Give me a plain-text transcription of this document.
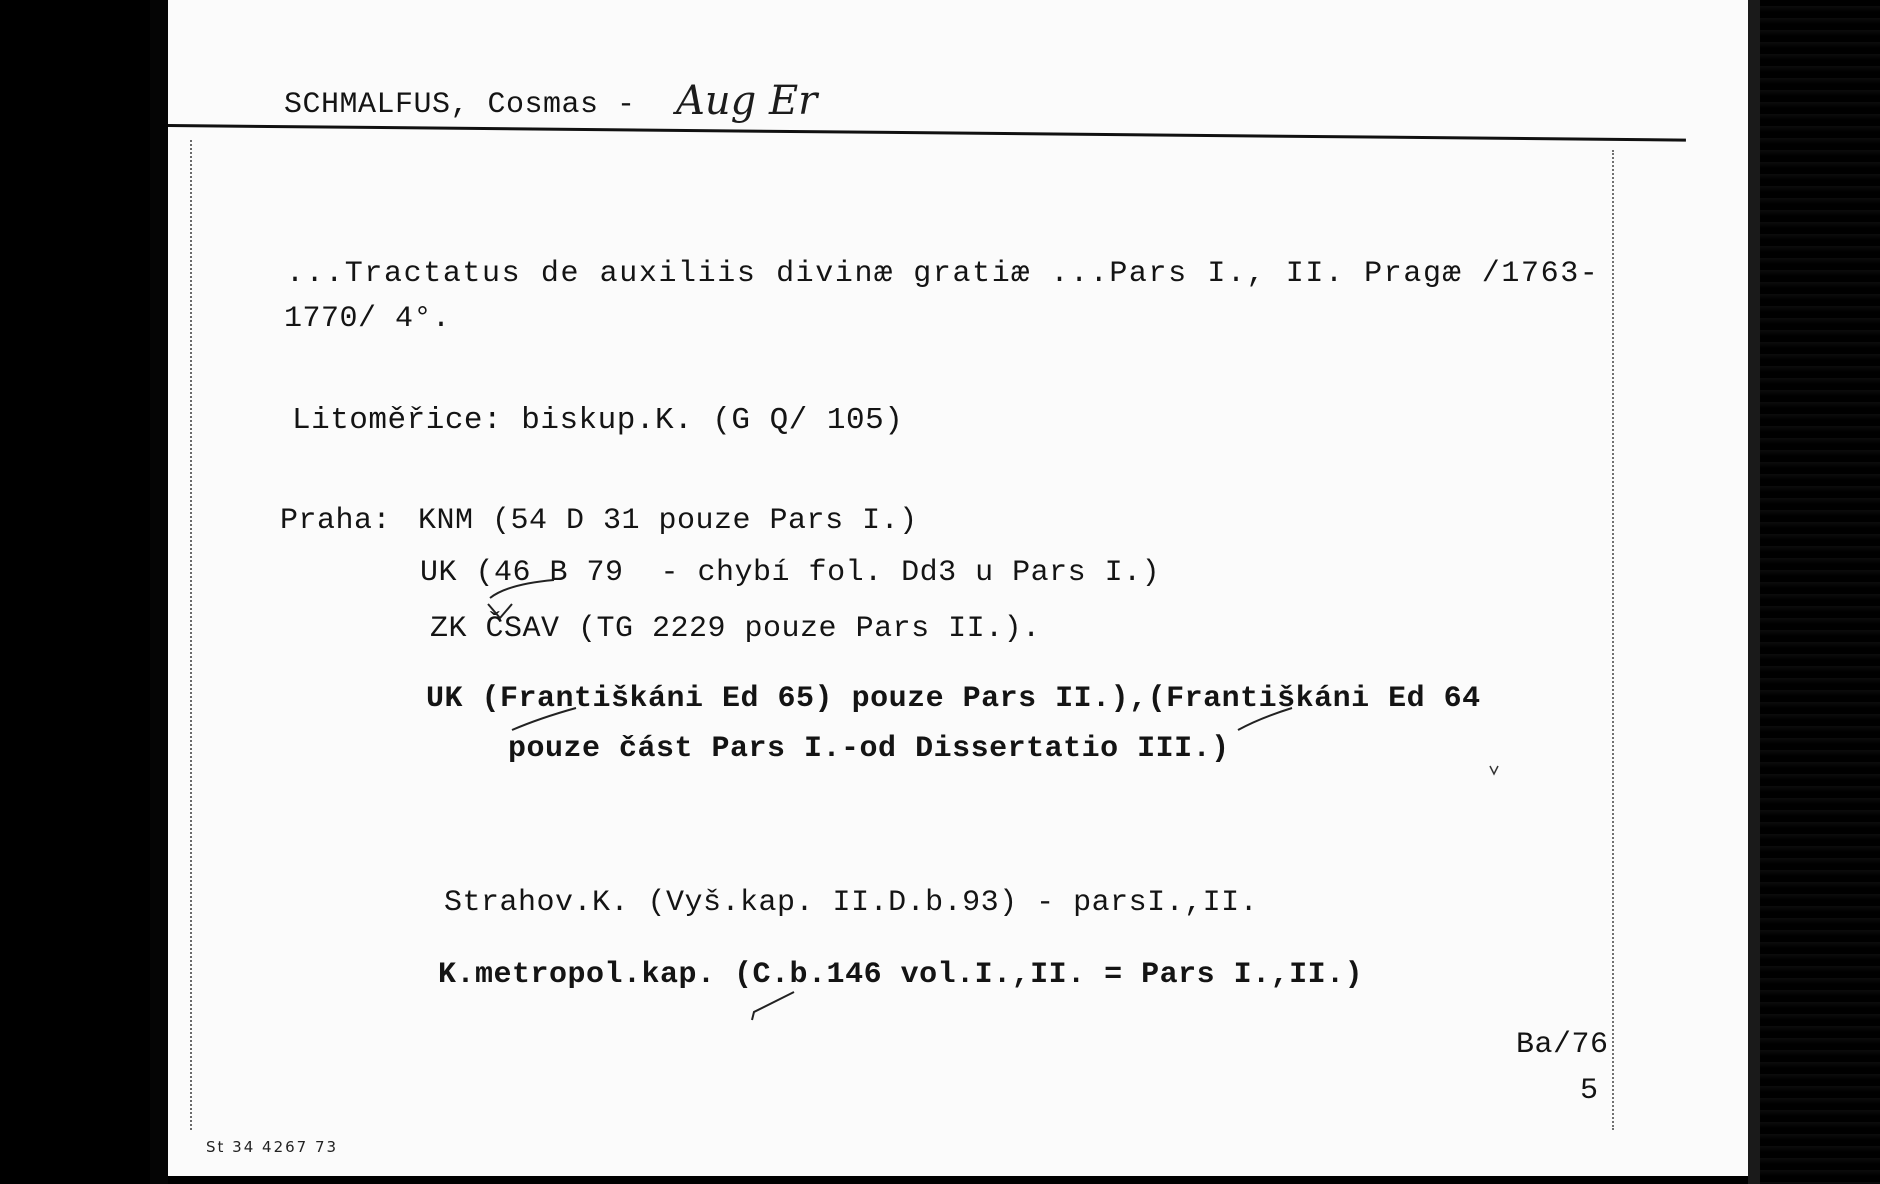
SCHMALFUS, Cosmas - Aug Er
...Tractatus de auxiliis divinæ gratiæ ...Pars I., II. Pragæ /1763-
1770/ 4°.
Litoměřice: biskup.K. (G Q/ 105)
Praha: KNM (54 D 31 pouze Pars I.)
UK (46 B 79  - chybí fol. Dd3 u Pars I.)
ZK ČSAV (TG 2229 pouze Pars II.).
UK (Františkáni Ed 65) pouze Pars II.),(Františkáni Ed 64
pouze část Pars I.-od Dissertatio III.)
Strahov.K. (Vyš.kap. II.D.b.93) - parsI.,II.
K.metropol.kap. (C.b.146 vol.I.,II. = Pars I.,II.)
Ba/76
5
St 34 4267 73
